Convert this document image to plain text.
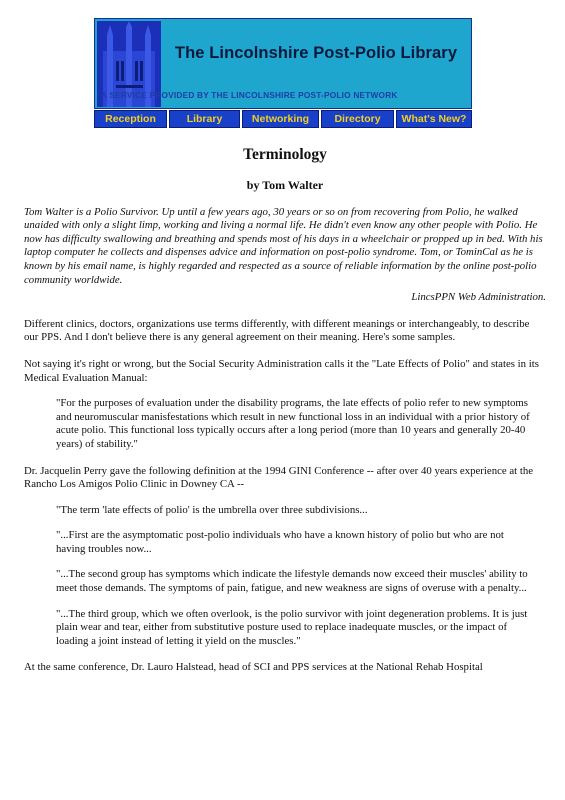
The Lincolnshire Post-Polio Library
A SERVICE PROVIDED BY THE LINCOLNSHIRE POST-POLIO NETWORK
Reception	Library	Networking	Directory	What's New?
Terminology

by Tom Walter

Tom Walter is a Polio Survivor. Up until a few years ago, 30 years or so on from recovering from Polio, he walked unaided with only a slight limp, working and living a normal life. He didn't even know any other people with Polio. He now has difficulty swallowing and breathing and spends most of his days in a wheelchair or propped up in bed. With his laptop computer he collects and dispenses advice and information on post-polio syndrome. Tom, or TominCal as he is known by his email name, is highly regarded and respected as a source of reliable information by the online post-polio community worldwide.

LincsPPN Web Administration.

Different clinics, doctors, organizations use terms differently, with different meanings or interchangeably, to describe our PPS. And I don't believe there is any general agreement on their meaning. Here's some samples.

Not saying it's right or wrong, but the Social Security Administration calls it the "Late Effects of Polio" and states in its Medical Evaluation Manual:

"For the purposes of evaluation under the disability programs, the late effects of polio refer to new symptoms and neuromuscular manisfestations which result in new functional loss in an individual with a prior history of acute polio. This functional loss typically occurs after a long period (more than 10 years and generally 20-40 years) of stability."

Dr. Jacquelin Perry gave the following definition at the 1994 GINI Conference -- after over 40 years experience at the Rancho Los Amigos Polio Clinic in Downey CA --

"The term 'late effects of polio' is the umbrella over three subdivisions...

"...First are the asymptomatic post-polio individuals who have a known history of polio but who are not having troubles now...

"...The second group has symptoms which indicate the lifestyle demands now exceed their muscles' ability to meet those demands. The symptoms of pain, fatigue, and new weakness are signs of overuse with a penalty...

"...The third group, which we often overlook, is the polio survivor with joint degeneration problems. It is just plain wear and tear, either from substitutive posture used to replace inadequate muscles, or the impact of loading a joint instead of letting it yield on the muscles."

At the same conference, Dr. Lauro Halstead, head of SCI and PPS services at the National Rehab Hospital
